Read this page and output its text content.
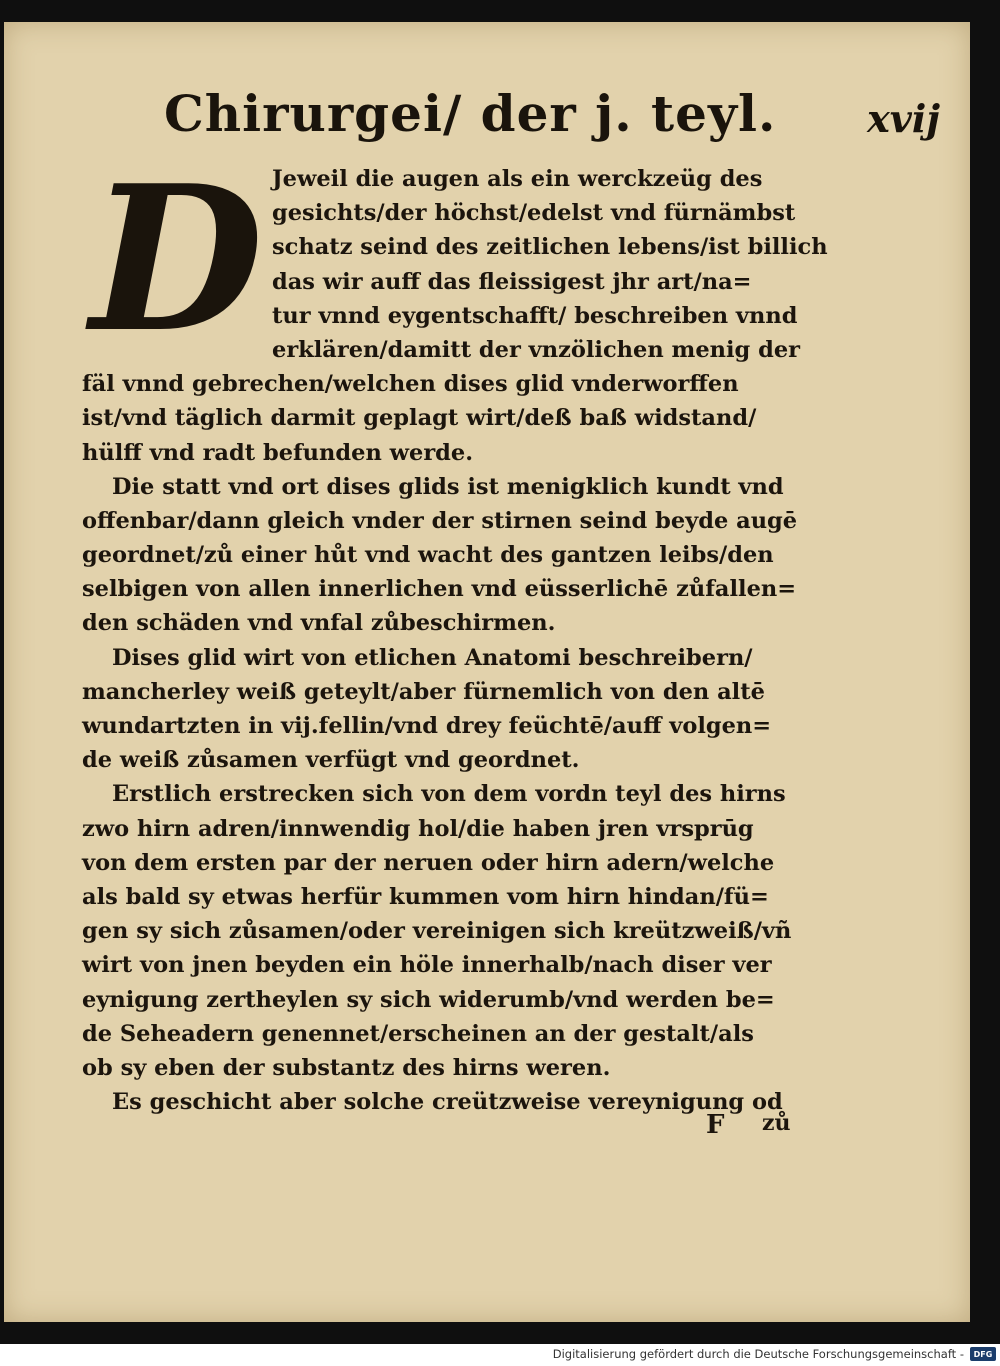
Chirurgei/ der j. teyl. xvij
D Jeweil die augen als ein werckzeüg des
gesichts/der höchst/edelst vnd fürnämbst
schatz seind des zeitlichen lebens/ist billich
das wir auff das fleissigest jhr art/na=
tur vnnd eygentschafft/ beschreiben vnnd
erklären/damitt der vnzölichen menig der
fäl vnnd gebrechen/welchen dises glid vnderworffen
ist/vnd täglich darmit geplagt wirt/deß baß widstand/
hülff vnd radt befunden werde.
Die statt vnd ort dises glids ist menigklich kundt vnd
offenbar/dann gleich vnder der stirnen seind beyde augē
geordnet/zů einer hůt vnd wacht des gantzen leibs/den
selbigen von allen innerlichen vnd eüsserlichē zůfallen=
den schäden vnd vnfal zůbeschirmen.
Dises glid wirt von etlichen Anatomi beschreibern/
mancherley weiß geteylt/aber fürnemlich von den altē
wundartzten in vij.fellin/vnd drey feüchtē/auff volgen=
de weiß zůsamen verfügt vnd geordnet.
Erstlich erstrecken sich von dem vordn teyl des hirns
zwo hirn adren/innwendig hol/die haben jren vrsprūg
von dem ersten par der neruen oder hirn adern/welche
als bald sy etwas herfür kummen vom hirn hindan/fü=
gen sy sich zůsamen/oder vereinigen sich kreützweiß/vñ
wirt von jnen beyden ein höle innerhalb/nach diser ver
eynigung zertheylen sy sich widerumb/vnd werden be=
de Seheadern genennet/erscheinen an der gestalt/als
ob sy eben der substantz des hirns weren.
Es geschicht aber solche creützweise vereynigung od
F zů
Digitalisierung gefördert durch die Deutsche Forschungsgemeinschaft -	DFG
